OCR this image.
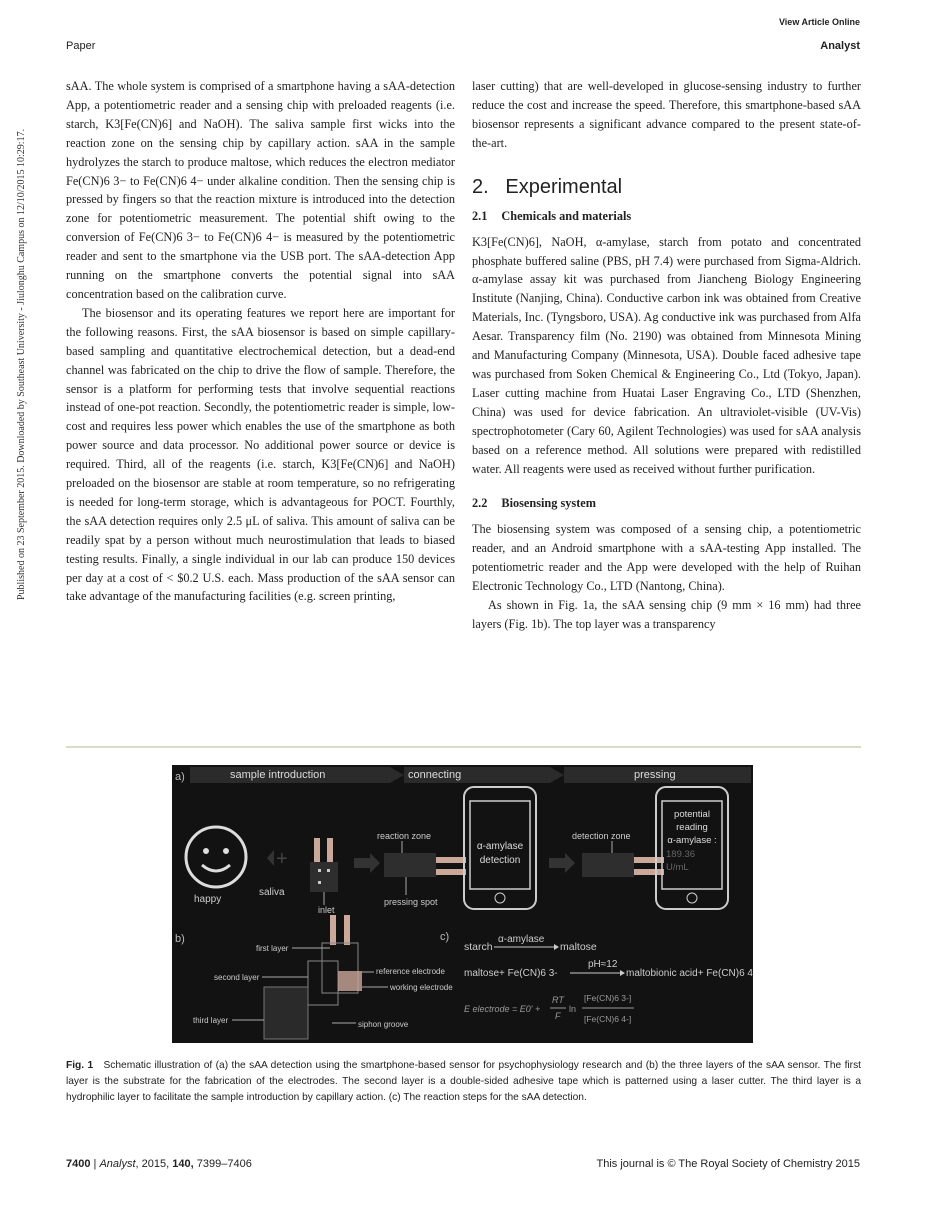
View Article Online
Paper	Analyst
Published on 23 September 2015. Downloaded by Southeast University - Jiulonghu Campus on 12/10/2015 10:29:17.

sAA. The whole system is comprised of a smartphone having a sAA-detection App, a potentiometric reader and a sensing chip with preloaded reagents (i.e. starch, K3[Fe(CN)6] and NaOH). The saliva sample first wicks into the reaction zone on the sensing chip by capillary action. sAA in the sample hydrolyzes the starch to produce maltose, which reduces the electron mediator Fe(CN)6 3− to Fe(CN)6 4− under alkaline condition. Then the sensing chip is pressed by fingers so that the reaction mixture is introduced into the detection zone for potentiometric measurement. The potential shift owing to the conversion of Fe(CN)6 3− to Fe(CN)6 4− is measured by the potentiometric reader and sent to the smartphone via the USB port. The sAA-detection App running on the smartphone converts the potential signal into sAA concentration based on the calibration curve.

The biosensor and its operating features we report here are important for the following reasons. First, the sAA biosensor is based on simple capillary-based sampling and quantitative electrochemical detection, but a dead-end channel was fabricated on the chip to drive the flow of sample. Therefore, the sensor is a platform for performing tests that involve sequential reactions instead of one-pot reaction. Secondly, the potentiometric reader is simple, low-cost and requires less power which enables the use of the smartphone as both power source and data processor. No additional power source or device is required. Third, all of the reagents (i.e. starch, K3[Fe(CN)6] and NaOH) preloaded on the biosensor are stable at room temperature, so no refrigerating is needed for long-term storage, which is advantageous for POCT. Fourthly, the sAA detection requires only 2.5 μL of saliva. This amount of saliva can be readily spat by a person without much neurostimulation that leads to biased testing results. Finally, a single individual in our lab can produce 150 devices per day at a cost of < $0.2 U.S. each. Mass production of the sAA sensor can take advantage of the manufacturing facilities (e.g. screen printing,

laser cutting) that are well-developed in glucose-sensing industry to further reduce the cost and increase the speed. Therefore, this smartphone-based sAA biosensor represents a significant advance compared to the present state-of-the-art.

2. Experimental
2.1 Chemicals and materials

K3[Fe(CN)6], NaOH, α-amylase, starch from potato and concentrated phosphate buffered saline (PBS, pH 7.4) were purchased from Sigma-Aldrich. α-amylase assay kit was purchased from Jiancheng Biology Engineering Institute (Nanjing, China). Conductive carbon ink was obtained from Creative Materials, Inc. (Tyngsboro, USA). Ag conductive ink was purchased from Alfa Aesar. Transparency film (No. 2190) was obtained from Minnesota Mining and Manufacturing Company (Minnesota, USA). Double faced adhesive tape was purchased from Soken Chemical & Engineering Co., Ltd (Tokyo, Japan). Laser cutting machine from Huatai Laser Engraving Co., LTD (Shenzhen, China) was used for device fabrication. An ultraviolet-visible (UV-Vis) spectrophotometer (Cary 60, Agilent Technologies) was used for sAA analysis based on a reference method. All solutions were prepared with redistilled water. All reagents were used as received without further purification.

2.2 Biosensing system

The biosensing system was composed of a sensing chip, a potentiometric reader, and an Android smartphone with a sAA-testing App installed. The potentiometric reader and the App were developed with the help of Ruihan Electronic Technology Co., LTD (Nantong, China).

As shown in Fig. 1a, the sAA sensing chip (9 mm × 16 mm) had three layers (Fig. 1b). The top layer was a transparency

a)	sample introduction	connecting	pressing
happy
+
saliva
inlet
reaction zone
pressing spot
α-amylase
detection
detection zone
potential
reading
α-amylase :
189.36
U/mL
b)
first layer
second layer
third layer
reference electrode
working electrode
siphon groove
c)
starch
α-amylase
maltose
maltose+ Fe(CN)6 3-
pH≈12
maltobionic acid+ Fe(CN)6 4-
E electrode = E0' +
RT
F
ln
[Fe(CN)6 3-]
[Fe(CN)6 4-]
Fig. 1 Schematic illustration of (a) the sAA detection using the smartphone-based sensor for psychophysiology research and (b) the three layers of the sAA sensor. The first layer is the substrate for the fabrication of the electrodes. The second layer is a double-sided adhesive tape which is patterned using a laser cutter. The third layer is a hydrophilic layer to facilitate the sample introduction by capillary action. (c) The reaction steps for the sAA detection.
7400 | Analyst, 2015, 140, 7399–7406	This journal is © The Royal Society of Chemistry 2015
